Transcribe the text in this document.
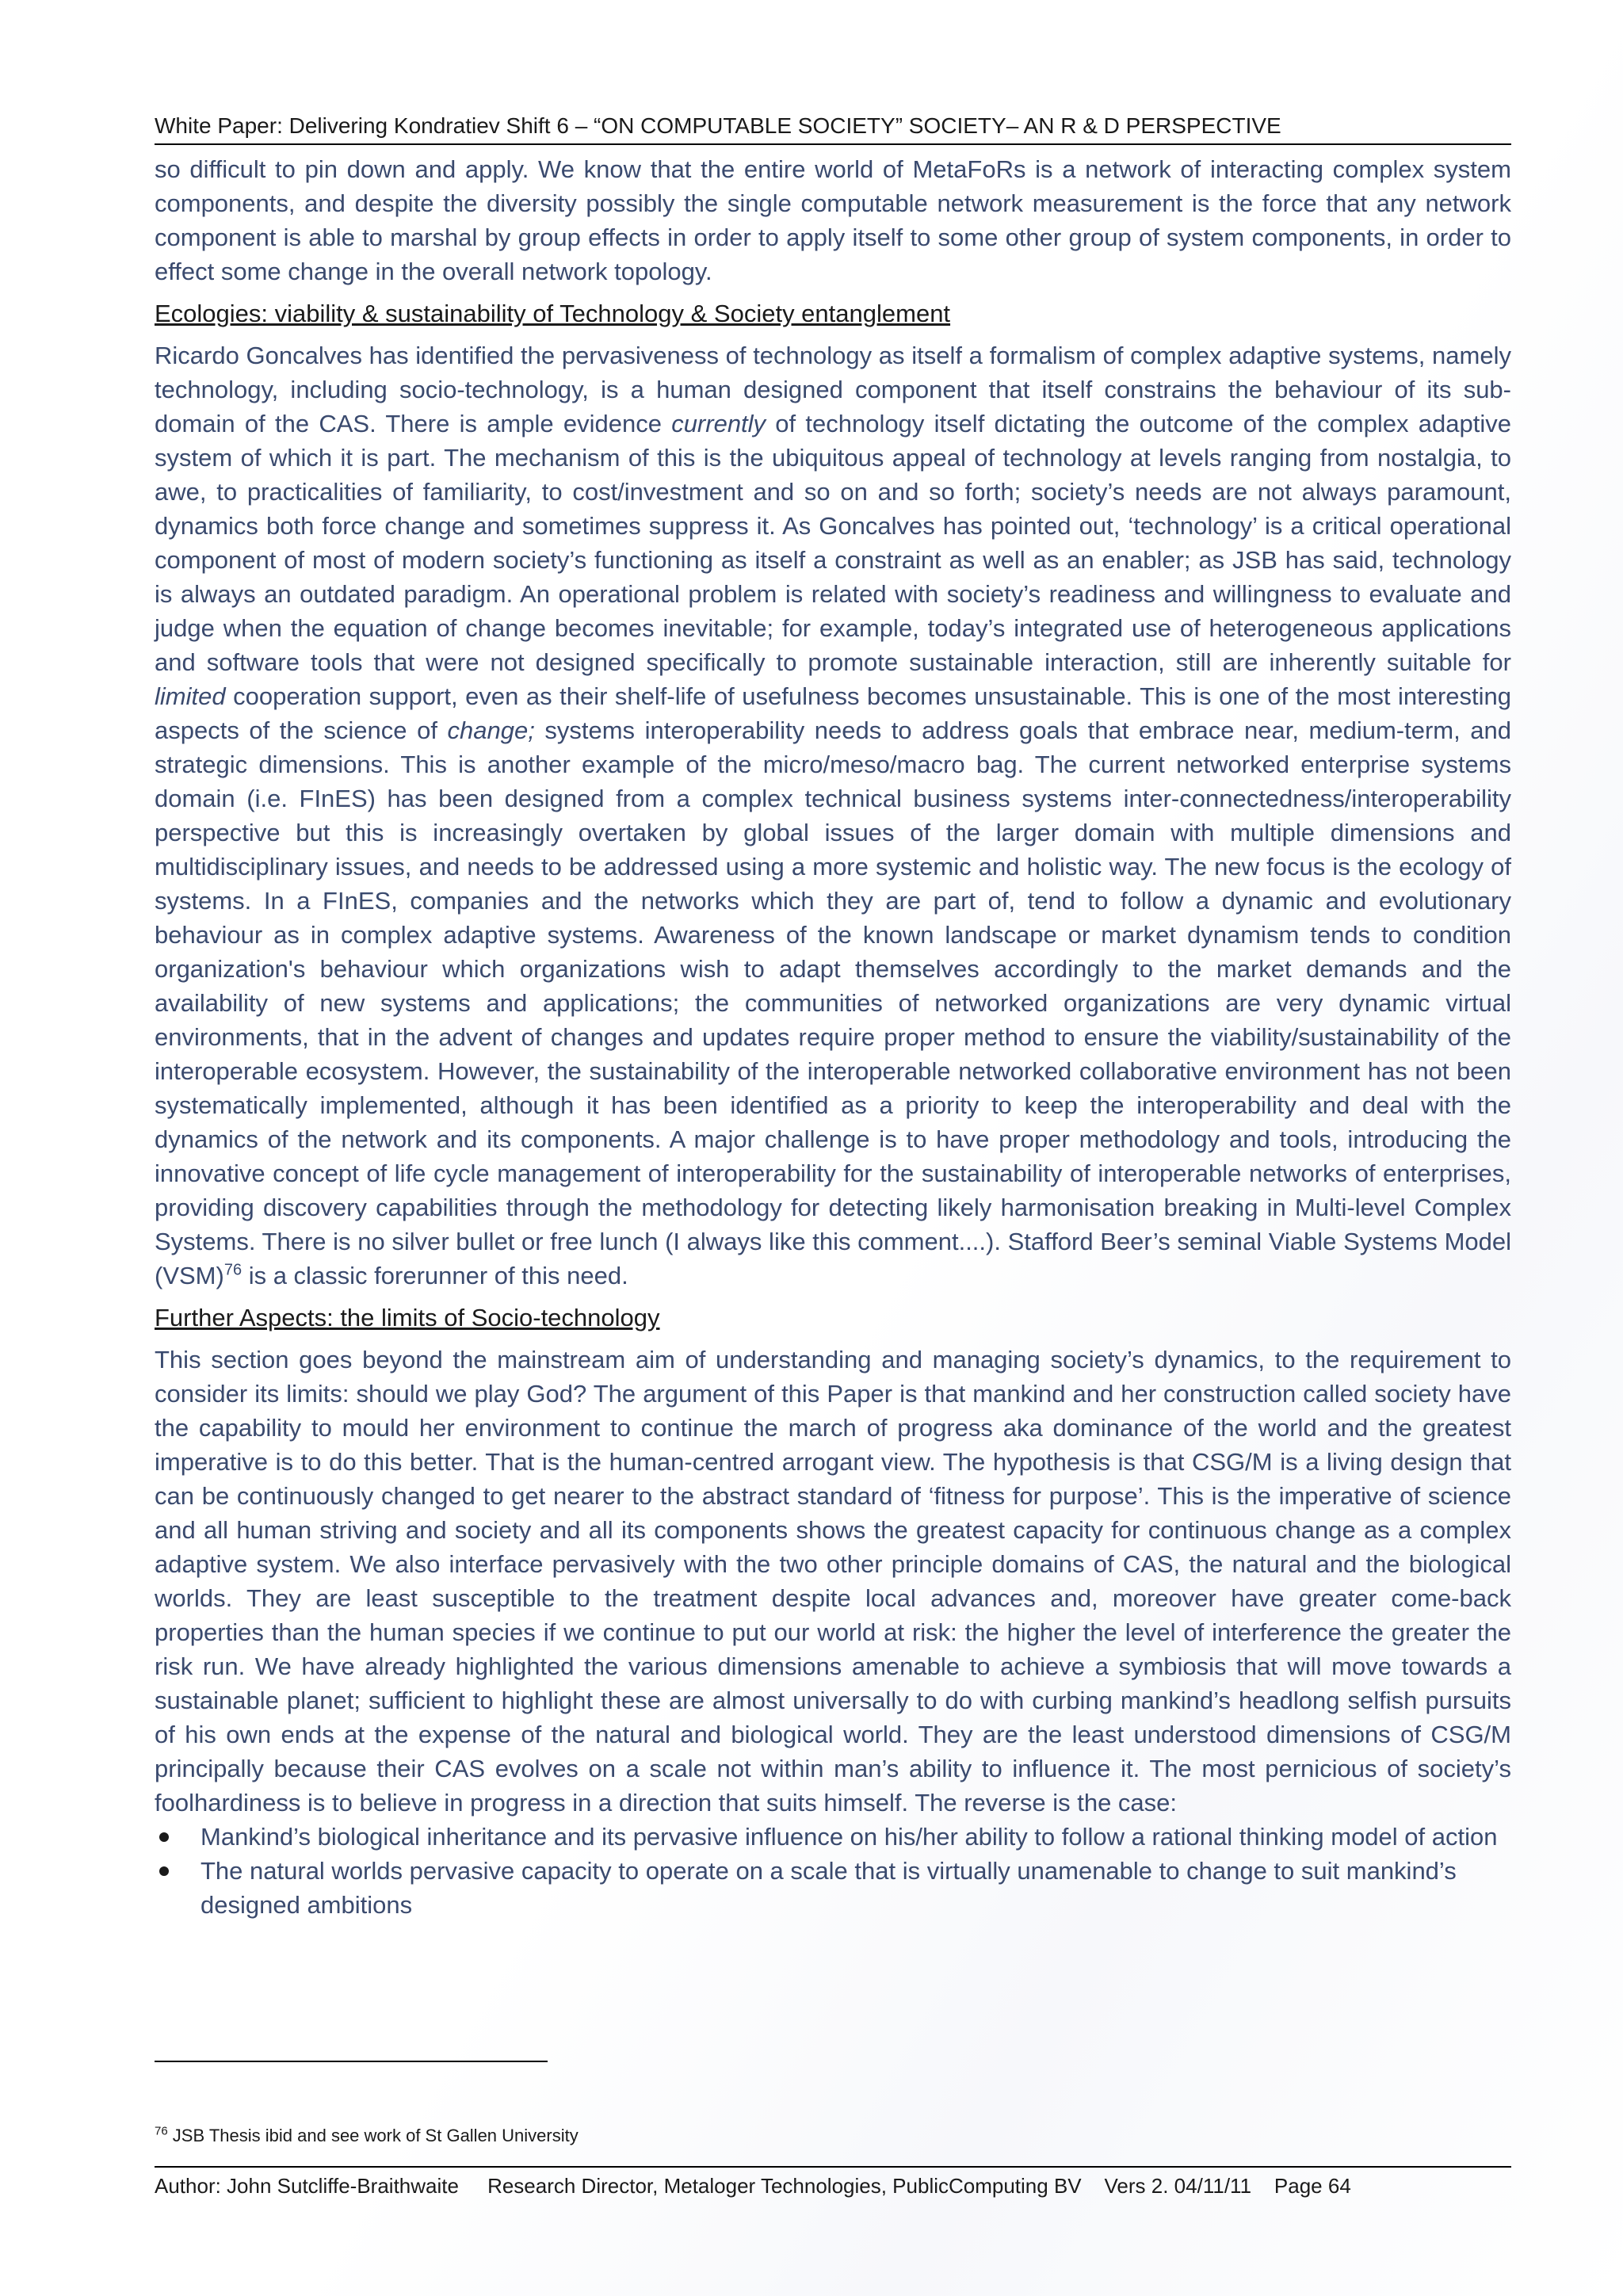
White Paper: Delivering Kondratiev Shift 6 – “ON COMPUTABLE SOCIETY” SOCIETY– AN R & D PERSPECTIVE

so difficult to pin down and apply. We know that the entire world of MetaFoRs is a network of interacting complex system components, and despite the diversity possibly the single computable network measurement is the force that any network component is able to marshal by group effects in order to apply itself to some other group of system components, in order to effect some change in the overall network topology.

Ecologies: viability & sustainability of Technology & Society entanglement

Ricardo Goncalves has identified the pervasiveness of technology as itself a formalism of complex adaptive systems, namely technology, including socio-technology, is a human designed component that itself constrains the behaviour of its sub-domain of the CAS. There is ample evidence currently of technology itself dictating the outcome of the complex adaptive system of which it is part. The mechanism of this is the ubiquitous appeal of technology at levels ranging from nostalgia, to awe, to practicalities of familiarity, to cost/investment and so on and so forth; society’s needs are not always paramount, dynamics both force change and sometimes suppress it. As Goncalves has pointed out, ‘technology’ is a critical operational component of most of modern society’s functioning as itself a constraint as well as an enabler; as JSB has said, technology is always an outdated paradigm. An operational problem is related with society’s readiness and willingness to evaluate and judge when the equation of change becomes inevitable; for example, today’s integrated use of heterogeneous applications and software tools that were not designed specifically to promote sustainable interaction, still are inherently suitable for limited cooperation support, even as their shelf-life of usefulness becomes unsustainable. This is one of the most interesting aspects of the science of change; systems interoperability needs to address goals that embrace near, medium-term, and strategic dimensions. This is another example of the micro/meso/macro bag. The current networked enterprise systems domain (i.e. FInES) has been designed from a complex technical business systems inter-connectedness/interoperability perspective but this is increasingly overtaken by global issues of the larger domain with multiple dimensions and multidisciplinary issues, and needs to be addressed using a more systemic and holistic way. The new focus is the ecology of systems. In a FInES, companies and the networks which they are part of, tend to follow a dynamic and evolutionary behaviour as in complex adaptive systems. Awareness of the known landscape or market dynamism tends to condition organization's behaviour which organizations wish to adapt themselves accordingly to the market demands and the availability of new systems and applications; the communities of networked organizations are very dynamic virtual environments, that in the advent of changes and updates require proper method to ensure the viability/sustainability of the interoperable ecosystem. However, the sustainability of the interoperable networked collaborative environment has not been systematically implemented, although it has been identified as a priority to keep the interoperability and deal with the dynamics of the network and its components. A major challenge is to have proper methodology and tools, introducing the innovative concept of life cycle management of interoperability for the sustainability of interoperable networks of enterprises, providing discovery capabilities through the methodology for detecting likely harmonisation breaking in Multi-level Complex Systems. There is no silver bullet or free lunch (I always like this comment....). Stafford Beer’s seminal Viable Systems Model (VSM)$^{76}$ is a classic forerunner of this need.

Further Aspects: the limits of Socio-technology

This section goes beyond the mainstream aim of understanding and managing society’s dynamics, to the requirement to consider its limits: should we play God? The argument of this Paper is that mankind and her construction called society have the capability to mould her environment to continue the march of progress aka dominance of the world and the greatest imperative is to do this better. That is the human-centred arrogant view. The hypothesis is that CSG/M is a living design that can be continuously changed to get nearer to the abstract standard of ‘fitness for purpose’. This is the imperative of science and all human striving and society and all its components shows the greatest capacity for continuous change as a complex adaptive system. We also interface pervasively with the two other principle domains of CAS, the natural and the biological worlds. They are least susceptible to the treatment despite local advances and, moreover have greater come-back properties than the human species if we continue to put our world at risk: the higher the level of interference the greater the risk run. We have already highlighted the various dimensions amenable to achieve a symbiosis that will move towards a sustainable planet; sufficient to highlight these are almost universally to do with curbing mankind’s headlong selfish pursuits of his own ends at the expense of the natural and biological world. They are the least understood dimensions of CSG/M principally because their CAS evolves on a scale not within man’s ability to influence it. The most pernicious of society’s foolhardiness is to believe in progress in a direction that suits himself. The reverse is the case:

Mankind’s biological inheritance and its pervasive influence on his/her ability to follow a rational thinking model of action
The natural worlds pervasive capacity to operate on a scale that is virtually unamenable to change to suit mankind’s designed ambitions
$^{76}$ JSB Thesis ibid and see work of St Gallen University
Author: John Sutcliffe-Braithwaite     Research Director, Metaloger Technologies, PublicComputing BV    Vers 2. 04/11/11    Page 64
